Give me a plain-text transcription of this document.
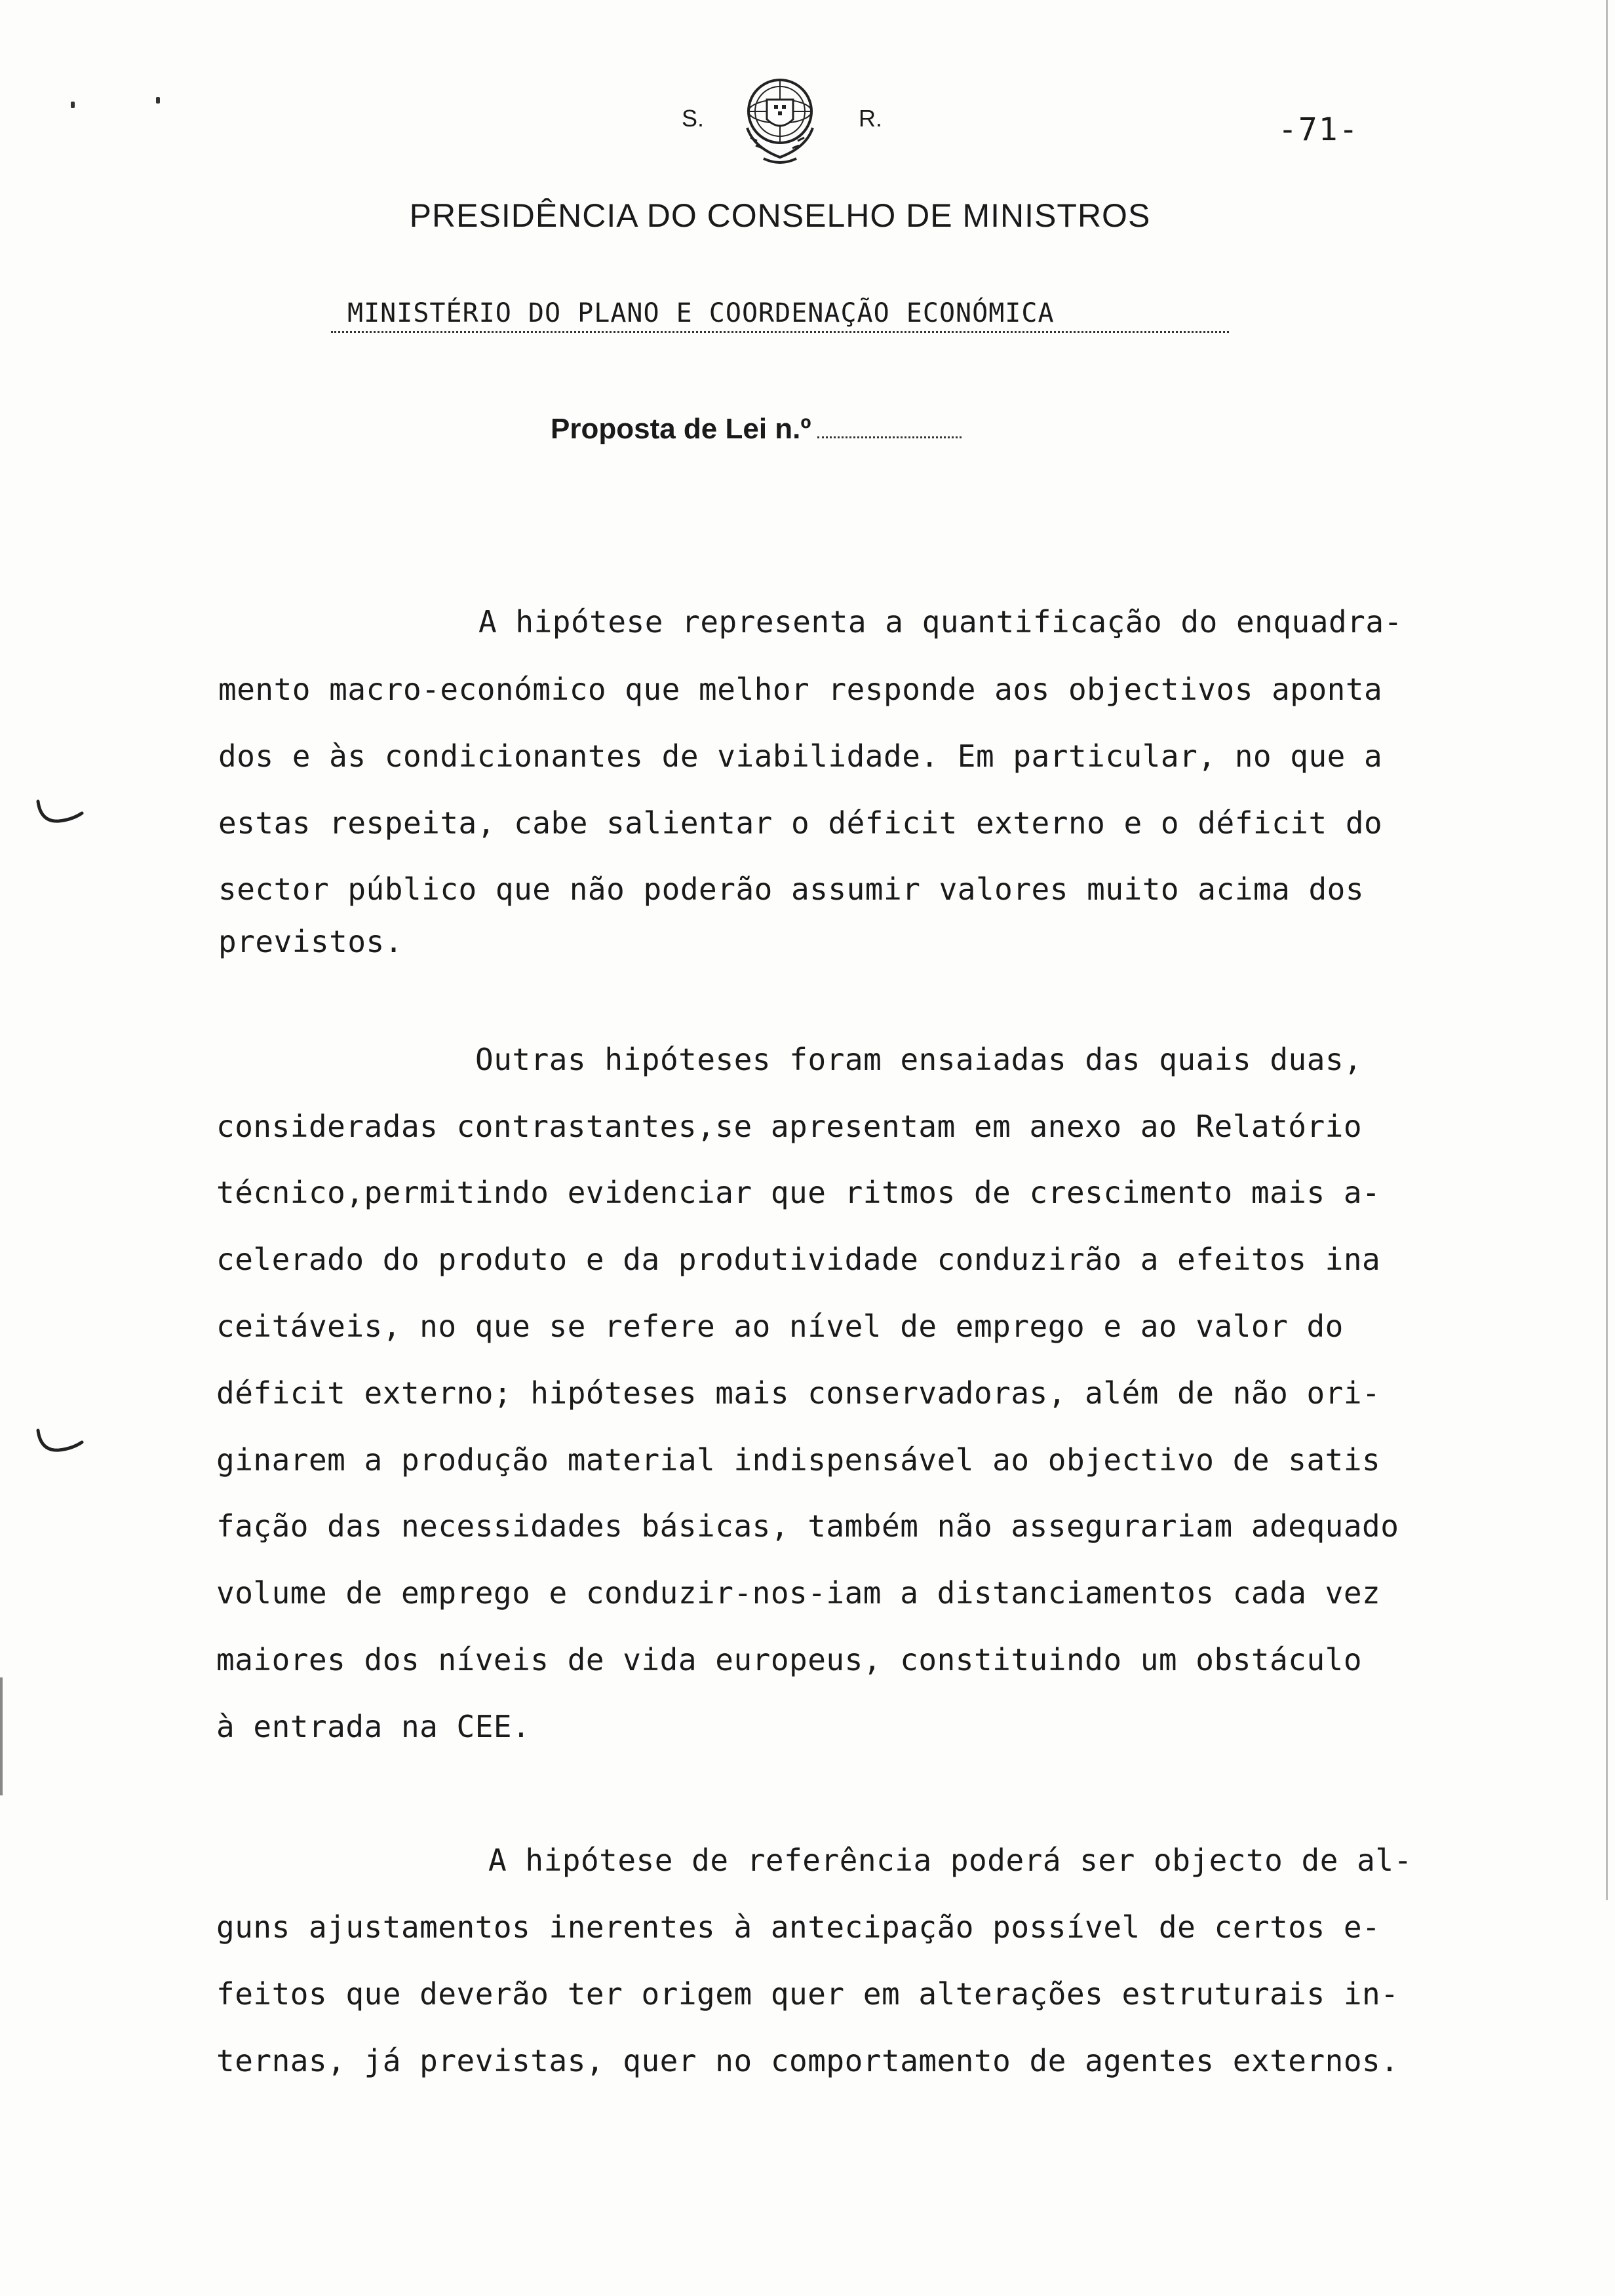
S.	R.	-71-
PRESIDÊNCIA DO CONSELHO DE MINISTROS
MINISTÉRIO DO PLANO E COORDENAÇÃO ECONÓMICA
Proposta de Lei n.º
A hipótese representa a quantificação do enquadra-
mento macro-económico que melhor responde aos objectivos aponta
dos e às condicionantes de viabilidade. Em particular, no que a
estas respeita, cabe salientar o déficit externo e o déficit do
sector público que não poderão assumir valores muito acima dos
previstos.
Outras hipóteses foram ensaiadas das quais duas,
consideradas contrastantes,se apresentam em anexo ao Relatório
técnico,permitindo evidenciar que ritmos de crescimento mais a-
celerado do produto e da produtividade conduzirão a efeitos ina
ceitáveis, no que se refere ao nível de emprego e ao valor do
déficit externo; hipóteses mais conservadoras, além de não ori-
ginarem a produção material indispensável ao objectivo de satis
fação das necessidades básicas, também não assegurariam adequado
volume de emprego e conduzir-nos-iam a distanciamentos cada vez
maiores dos níveis de vida europeus, constituindo um obstáculo
à entrada na CEE.
A hipótese de referência poderá ser objecto de al-
guns ajustamentos inerentes à antecipação possível de certos e-
feitos que deverão ter origem quer em alterações estruturais in-
ternas, já previstas, quer no comportamento de agentes externos.
